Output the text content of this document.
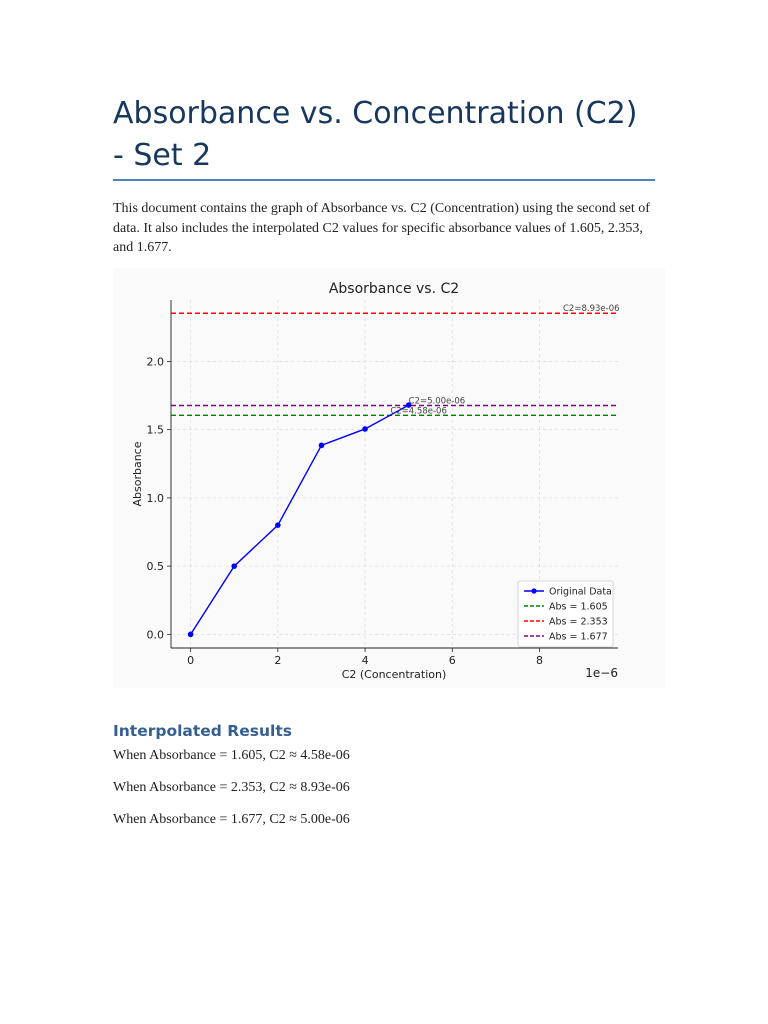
Absorbance vs. Concentration (C2) - Set 2

This document contains the graph of Absorbance vs. C2 (Concentration) using the second set of data. It also includes the interpolated C2 values for specific absorbance values of 1.605, 2.353, and 1.677.

0	2	4	6	8
0.0
0.5
1.0
1.5
2.0
C2=4.58e-06
C2=8.93e-06
C2=5.00e-06
Original Data
Abs = 1.605
Abs = 2.353
Abs = 1.677
Absorbance vs. C2
C2 (Concentration)
Absorbance
1e−6
Interpolated Results

When Absorbance = 1.605, C2 ≈ 4.58e-06

When Absorbance = 2.353, C2 ≈ 8.93e-06

When Absorbance = 1.677, C2 ≈ 5.00e-06
